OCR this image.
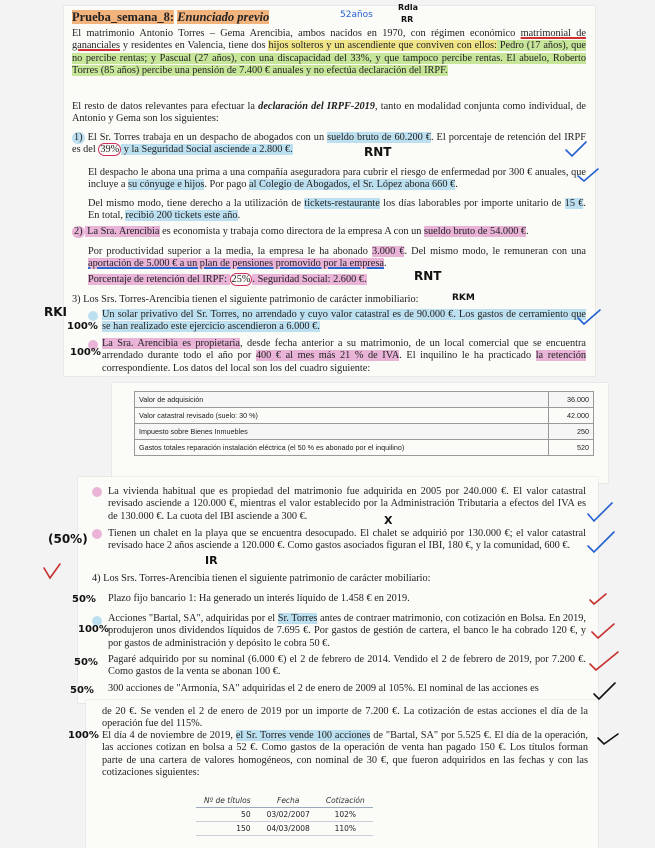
Prueba_semana_8: Enunciado previo

El matrimonio Antonio Torres – Gema Arencibia, ambos nacidos en 1970, con régimen económico matrimonial de gananciales y residentes en Valencia, tiene dos hijos solteros y un ascendiente que conviven con ellos: Pedro (17 años), que no percibe rentas; y Pascual (27 años), con una discapacidad del 33%, y que tampoco percibe rentas. El abuelo, Roberto Torres (85 años) percibe una pensión de 7.400 € anuales y no efectúa declaración del IRPF.

El resto de datos relevantes para efectuar la declaración del IRPF-2019, tanto en modalidad conjunta como individual, de Antonio y Gema son los siguientes:

1) El Sr. Torres trabaja en un despacho de abogados con un sueldo bruto de 60.200 €. El porcentaje de retención del IRPF es del 39% y la Seguridad Social asciende a 2.800 €.

El despacho le abona una prima a una compañía aseguradora para cubrir el riesgo de enfermedad por 300 € anuales, que incluye a su cónyuge e hijos. Por pago al Colegio de Abogados, el Sr. López abona 660 €.

Del mismo modo, tiene derecho a la utilización de tickets-restaurante los días laborables por importe unitario de 15 €. En total, recibió 200 tickets este año.

2) La Sra. Arencibia es economista y trabaja como directora de la empresa A con un sueldo bruto de 54.000 €.

Por productividad superior a la media, la empresa le ha abonado 3.000 €. Del mismo modo, le remuneran con una aportación de 5.000 € a un plan de pensiones promovido por la empresa.

Porcentaje de retención del IRPF: 25% . Seguridad Social: 2.600 €.

3) Los Srs. Torres-Arencibia tienen el siguiente patrimonio de carácter inmobiliario:

Un solar privativo del Sr. Torres, no arrendado y cuyo valor catastral es de 90.000 €. Los gastos de cerramiento que se han realizado este ejercicio ascendieron a 6.000 €.

La Sra. Arencibia es propietaria, desde fecha anterior a su matrimonio, de un local comercial que se encuentra arrendado durante todo el año por 400 € al mes más 21 % de IVA. El inquilino le ha practicado la retención correspondiente. Los datos del local son los del cuadro siguiente:

Valor de adquisición	36.000
Valor catastral revisado (suelo: 30 %)	42.000
Impuesto sobre Bienes Inmuebles	250
Gastos totales reparación instalación eléctrica (el 50 % es abonado por el inquilino)	520

La vivienda habitual que es propiedad del matrimonio fue adquirida en 2005 por 240.000 €. El valor catastral revisado asciende a 120.000 €, mientras el valor establecido por la Administración Tributaria a efectos del IVA es de 130.000 €. La cuota del IBI asciende a 300 €.

Tienen un chalet en la playa que se encuentra desocupado. El chalet se adquirió por 130.000 €; el valor catastral revisado hace 2 años asciende a 120.000 €. Como gastos asociados figuran el IBI, 180 €, y la comunidad, 600 €.

4) Los Srs. Torres-Arencibia tienen el siguiente patrimonio de carácter mobiliario:

Plazo fijo bancario 1: Ha generado un interés líquido de 1.458 € en 2019.

Acciones "Bartal, SA", adquiridas por el Sr. Torres antes de contraer matrimonio, con cotización en Bolsa. En 2019, produjeron unos dividendos líquidos de 7.695 €. Por gastos de gestión de cartera, el banco le ha cobrado 120 €, y por gastos de administración y depósito le cobra 50 €.

Pagaré adquirido por su nominal (6.000 €) el 2 de febrero de 2014. Vendido el 2 de febrero de 2019, por 7.200 €. Como gastos de la venta se abonan 100 €.

300 acciones de "Armonía, SA" adquiridas el 2 de enero de 2009 al 105%. El nominal de las acciones es

de 20 €. Se venden el 2 de enero de 2019 por un importe de 7.200 €. La cotización de estas acciones el día de la operación fue del 115%.

El día 4 de noviembre de 2019, el Sr. Torres vende 100 acciones de "Bartal, SA" por 5.525 €. El día de la operación, las acciones cotizan en bolsa a 52 €. Como gastos de la operación de venta han pagado 150 €. Los títulos forman parte de una cartera de valores homogéneos, con nominal de 30 €, que fueron adquiridos en las fechas y con las cotizaciones siguientes:

Nº de títulos	Fecha	Cotización
50	03/02/2007	102%
150	04/03/2008	110%
52años
Rdla
RR
RNT
RNT
RKM
RKI
100%
100%
(50%)
50%
100%
50%
50%
100%
X
IR
